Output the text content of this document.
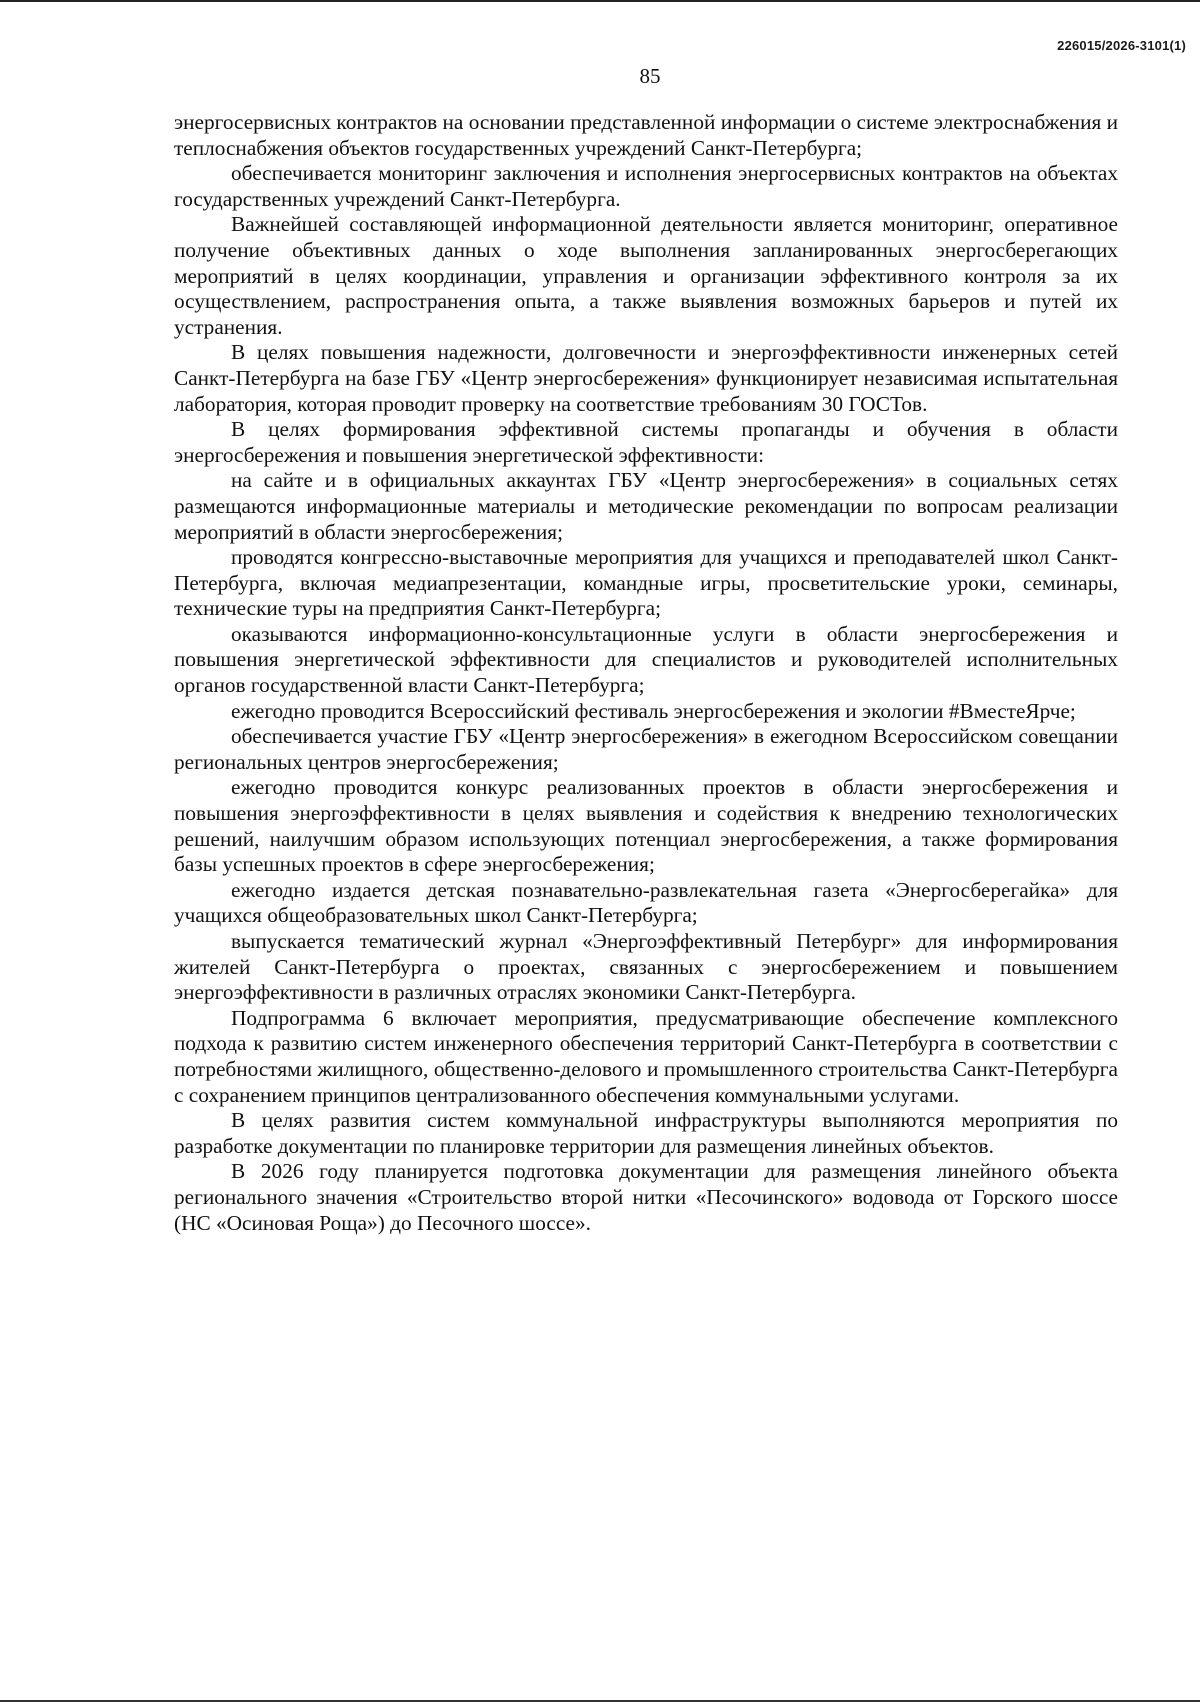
226015/2026-3101(1)
85

энергосервисных контрактов на основании представленной информации о системе электроснабжения и теплоснабжения объектов государственных учреждений Санкт-Петербурга;

обеспечивается мониторинг заключения и исполнения энергосервисных контрактов на объектах государственных учреждений Санкт-Петербурга.

Важнейшей составляющей информационной деятельности является мониторинг, оперативное получение объективных данных о ходе выполнения запланированных энергосберегающих мероприятий в целях координации, управления и организации эффективного контроля за их осуществлением, распространения опыта, а также выявления возможных барьеров и путей их устранения.

В целях повышения надежности, долговечности и энергоэффективности инженерных сетей Санкт-Петербурга на базе ГБУ «Центр энергосбережения» функционирует независимая испытательная лаборатория, которая проводит проверку на соответствие требованиям 30 ГОСТов.

В целях формирования эффективной системы пропаганды и обучения в области энергосбережения и повышения энергетической эффективности:

на сайте и в официальных аккаунтах ГБУ «Центр энергосбережения» в социальных сетях размещаются информационные материалы и методические рекомендации по вопросам реализации мероприятий в области энергосбережения;

проводятся конгрессно-выставочные мероприятия для учащихся и преподавателей школ Санкт-Петербурга, включая медиапрезентации, командные игры, просветительские уроки, семинары, технические туры на предприятия Санкт-Петербурга;

оказываются информационно-консультационные услуги в области энергосбережения и повышения энергетической эффективности для специалистов и руководителей исполнительных органов государственной власти Санкт-Петербурга;

ежегодно проводится Всероссийский фестиваль энергосбережения и экологии #ВместеЯрче;

обеспечивается участие ГБУ «Центр энергосбережения» в ежегодном Всероссийском совещании региональных центров энергосбережения;

ежегодно проводится конкурс реализованных проектов в области энергосбережения и повышения энергоэффективности в целях выявления и содействия к внедрению технологических решений, наилучшим образом использующих потенциал энергосбережения, а также формирования базы успешных проектов в сфере энергосбережения;

ежегодно издается детская познавательно-развлекательная газета «Энергосберегайка» для учащихся общеобразовательных школ Санкт-Петербурга;

выпускается тематический журнал «Энергоэффективный Петербург» для информирования жителей Санкт-Петербурга о проектах, связанных с энергосбережением и повышением энергоэффективности в различных отраслях экономики Санкт-Петербурга.

Подпрограмма 6 включает мероприятия, предусматривающие обеспечение комплексного подхода к развитию систем инженерного обеспечения территорий Санкт-Петербурга в соответствии с потребностями жилищного, общественно-делового и промышленного строительства Санкт-Петербурга с сохранением принципов централизованного обеспечения коммунальными услугами.

В целях развития систем коммунальной инфраструктуры выполняются мероприятия по разработке документации по планировке территории для размещения линейных объектов.

В 2026 году планируется подготовка документации для размещения линейного объекта регионального значения «Строительство второй нитки «Песочинского» водовода от Горского шоссе (НС «Осиновая Роща») до Песочного шоссе».
